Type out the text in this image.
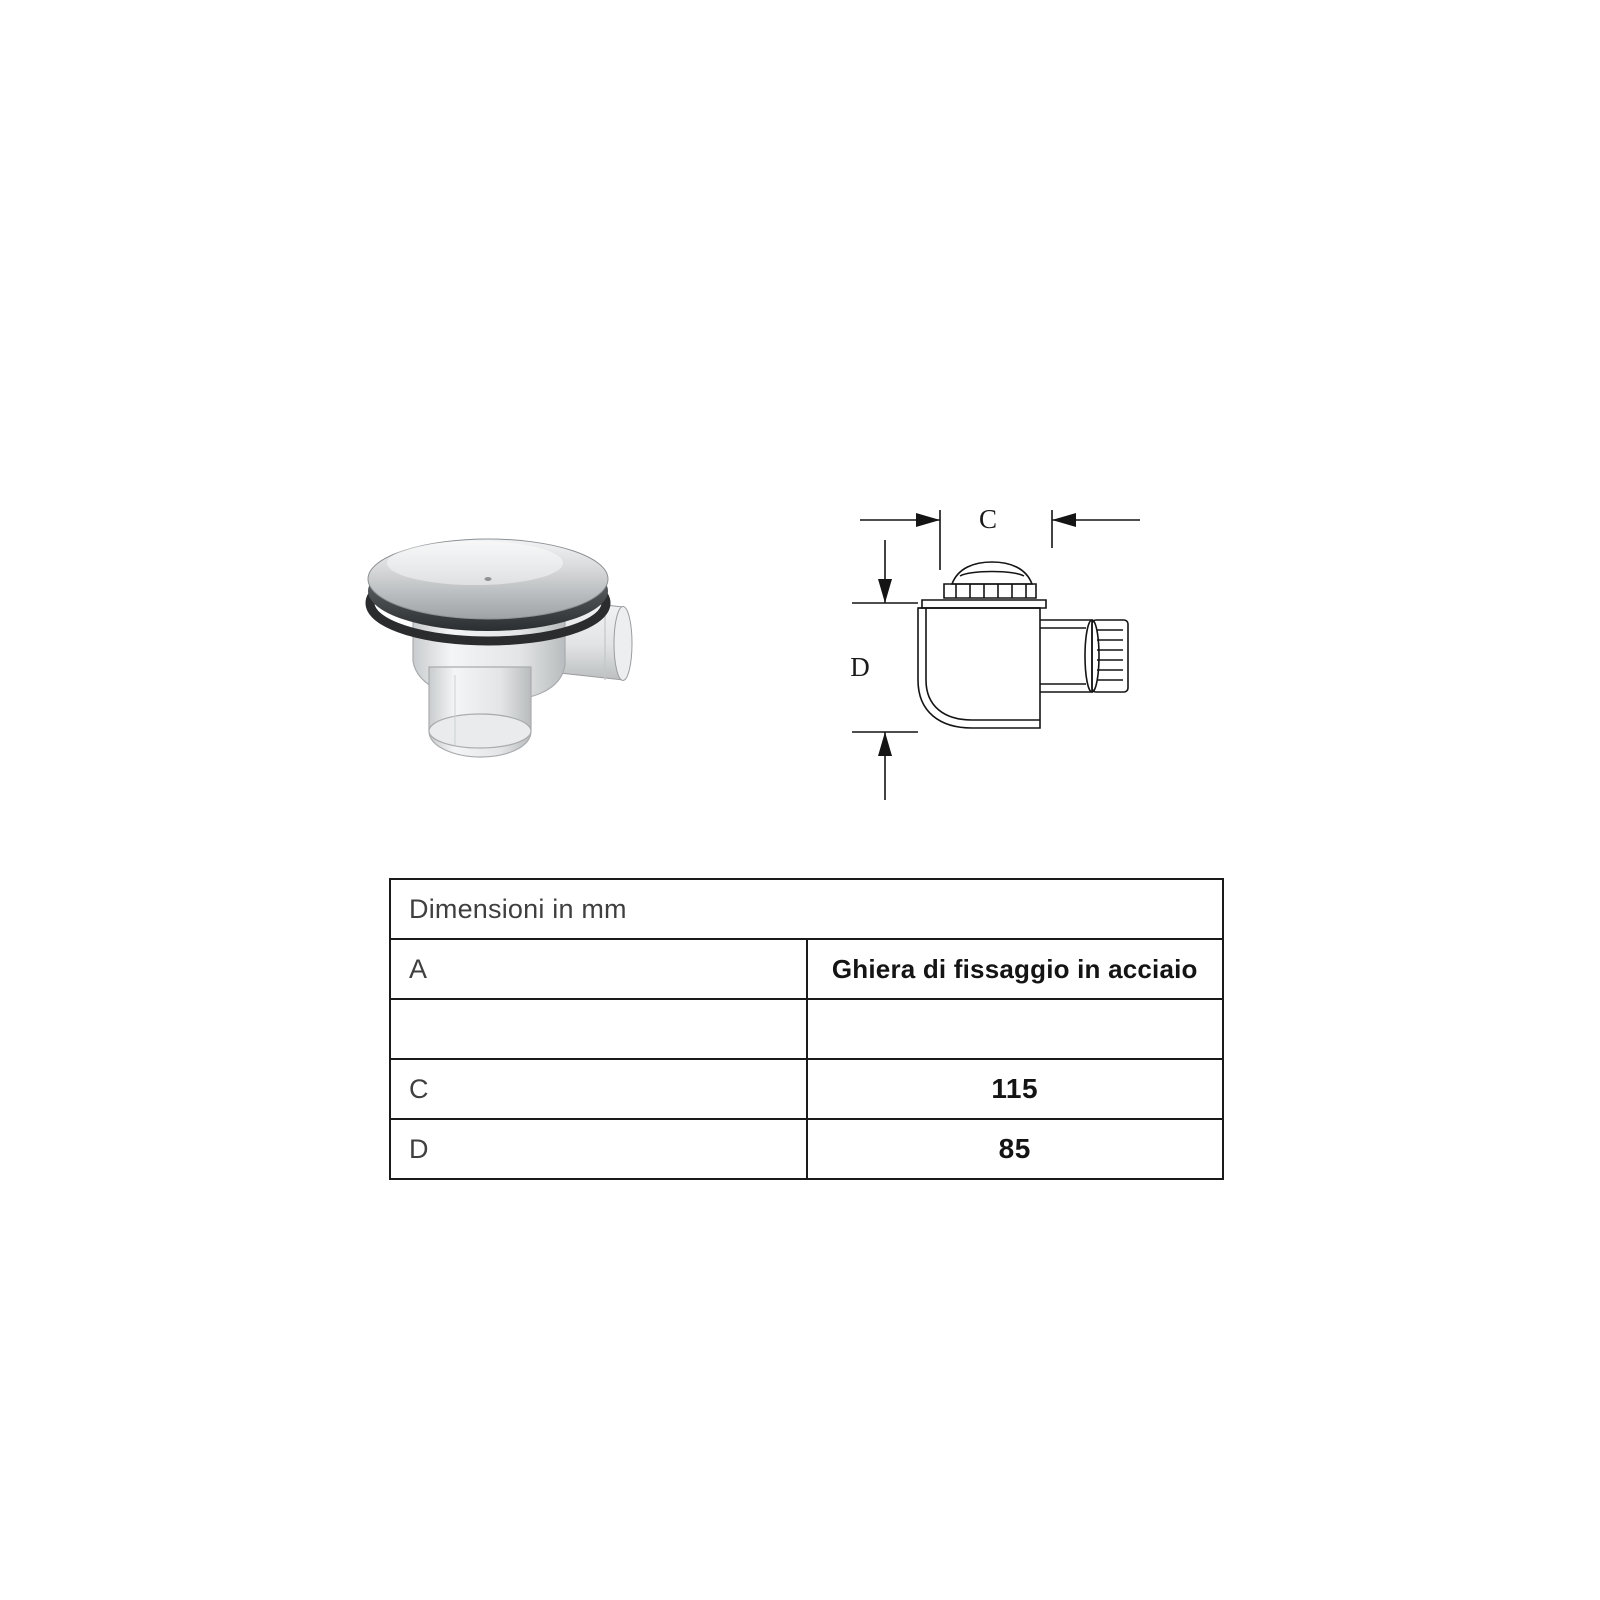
C
D
Dimensioni in mm	
A	Ghiera di fissaggio in acciaio

C	115
D	85
